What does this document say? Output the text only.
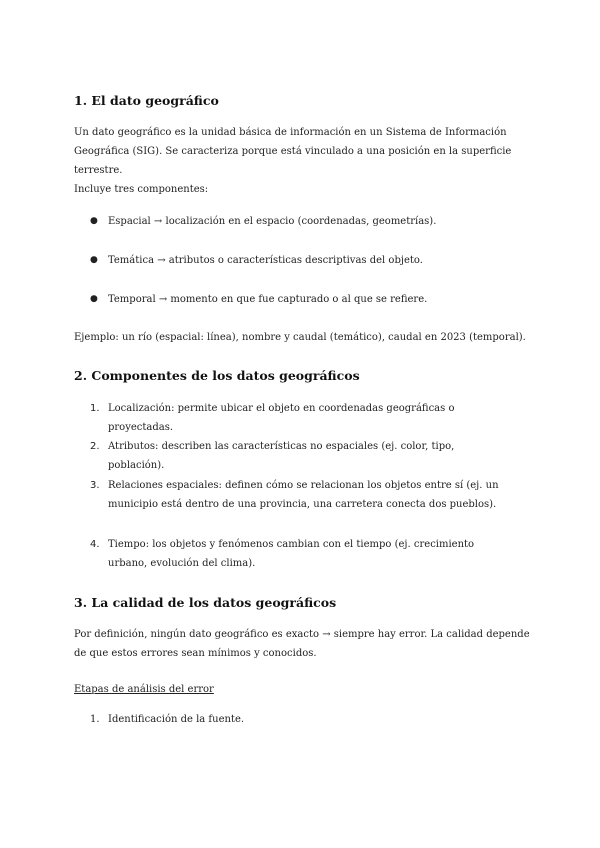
1. El dato geográfico

Un dato geográfico es la unidad básica de información en un Sistema de Información Geográfica (SIG). Se caracteriza porque está vinculado a una posición en la superficie terrestre.

Incluye tres componentes:

● Espacial → localización en el espacio (coordenadas, geometrías).
● Temática → atributos o características descriptivas del objeto.
● Temporal → momento en que fue capturado o al que se refiere.

Ejemplo: un río (espacial: línea), nombre y caudal (temático), caudal en 2023 (temporal).

2. Componentes de los datos geográficos
1. Localización: permite ubicar el objeto en coordenadas geográficas o proyectadas.
2. Atributos: describen las características no espaciales (ej. color, tipo, población).
3. Relaciones espaciales: definen cómo se relacionan los objetos entre sí (ej. un municipio está dentro de una provincia, una carretera conecta dos pueblos).
4. Tiempo: los objetos y fenómenos cambian con el tiempo (ej. crecimiento urbano, evolución del clima).
3. La calidad de los datos geográficos

Por definición, ningún dato geográfico es exacto → siempre hay error. La calidad depende de que estos errores sean mínimos y conocidos.

Etapas de análisis del error

1. Identificación de la fuente.
